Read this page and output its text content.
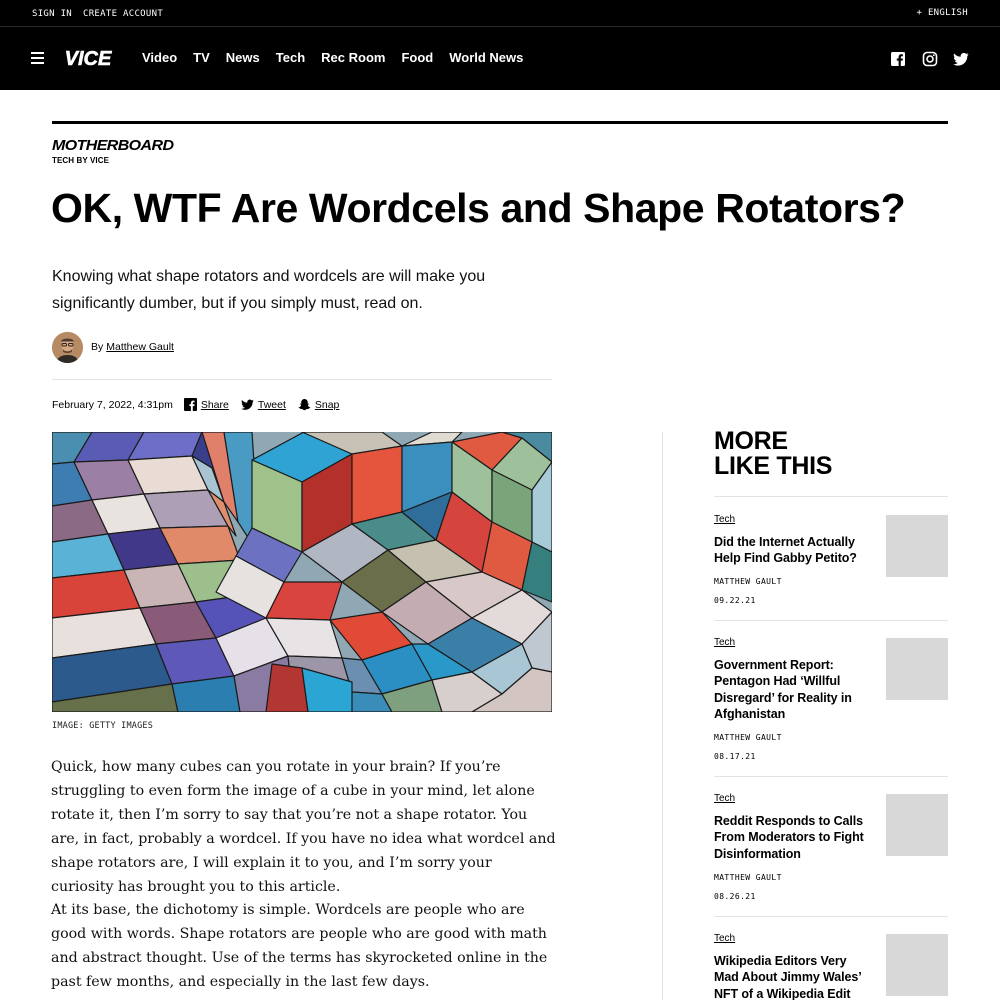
SIGN IN CREATE ACCOUNT	+ ENGLISH
VICE Video TV News Tech Rec Room Food World News
MOTHERBOARD
TECH BY VICE
OK, WTF Are Wordcels and Shape Rotators?

Knowing what shape rotators and wordcels are will make you significantly dumber, but if you simply must, read on.

By Matthew Gault
February 7, 2022, 4:31pm	Share	Tweet	Snap
IMAGE: GETTY IMAGES

Quick, how many cubes can you rotate in your brain? If you’re struggling to even form the image of a cube in your mind, let alone rotate it, then I’m sorry to say that you’re not a shape rotator. You are, in fact, probably a wordcel. If you have no idea what wordcel and shape rotators are, I will explain it to you, and I’m sorry your curiosity has brought you to this article.

At its base, the dichotomy is simple. Wordcels are people who are good with words. Shape rotators are people who are good with math and abstract thought. Use of the terms has skyrocketed online in the past few months, and especially in the last few days.

MORE
LIKE THIS
Tech
Did the Internet Actually Help Find Gabby Petito?
MATTHEW GAULT
09.22.21
Tech
Government Report: Pentagon Had ‘Willful Disregard’ for Reality in Afghanistan
MATTHEW GAULT
08.17.21
Tech
Reddit Responds to Calls From Moderators to Fight Disinformation
MATTHEW GAULT
08.26.21
Tech
Wikipedia Editors Very Mad About Jimmy Wales’ NFT of a Wikipedia Edit
